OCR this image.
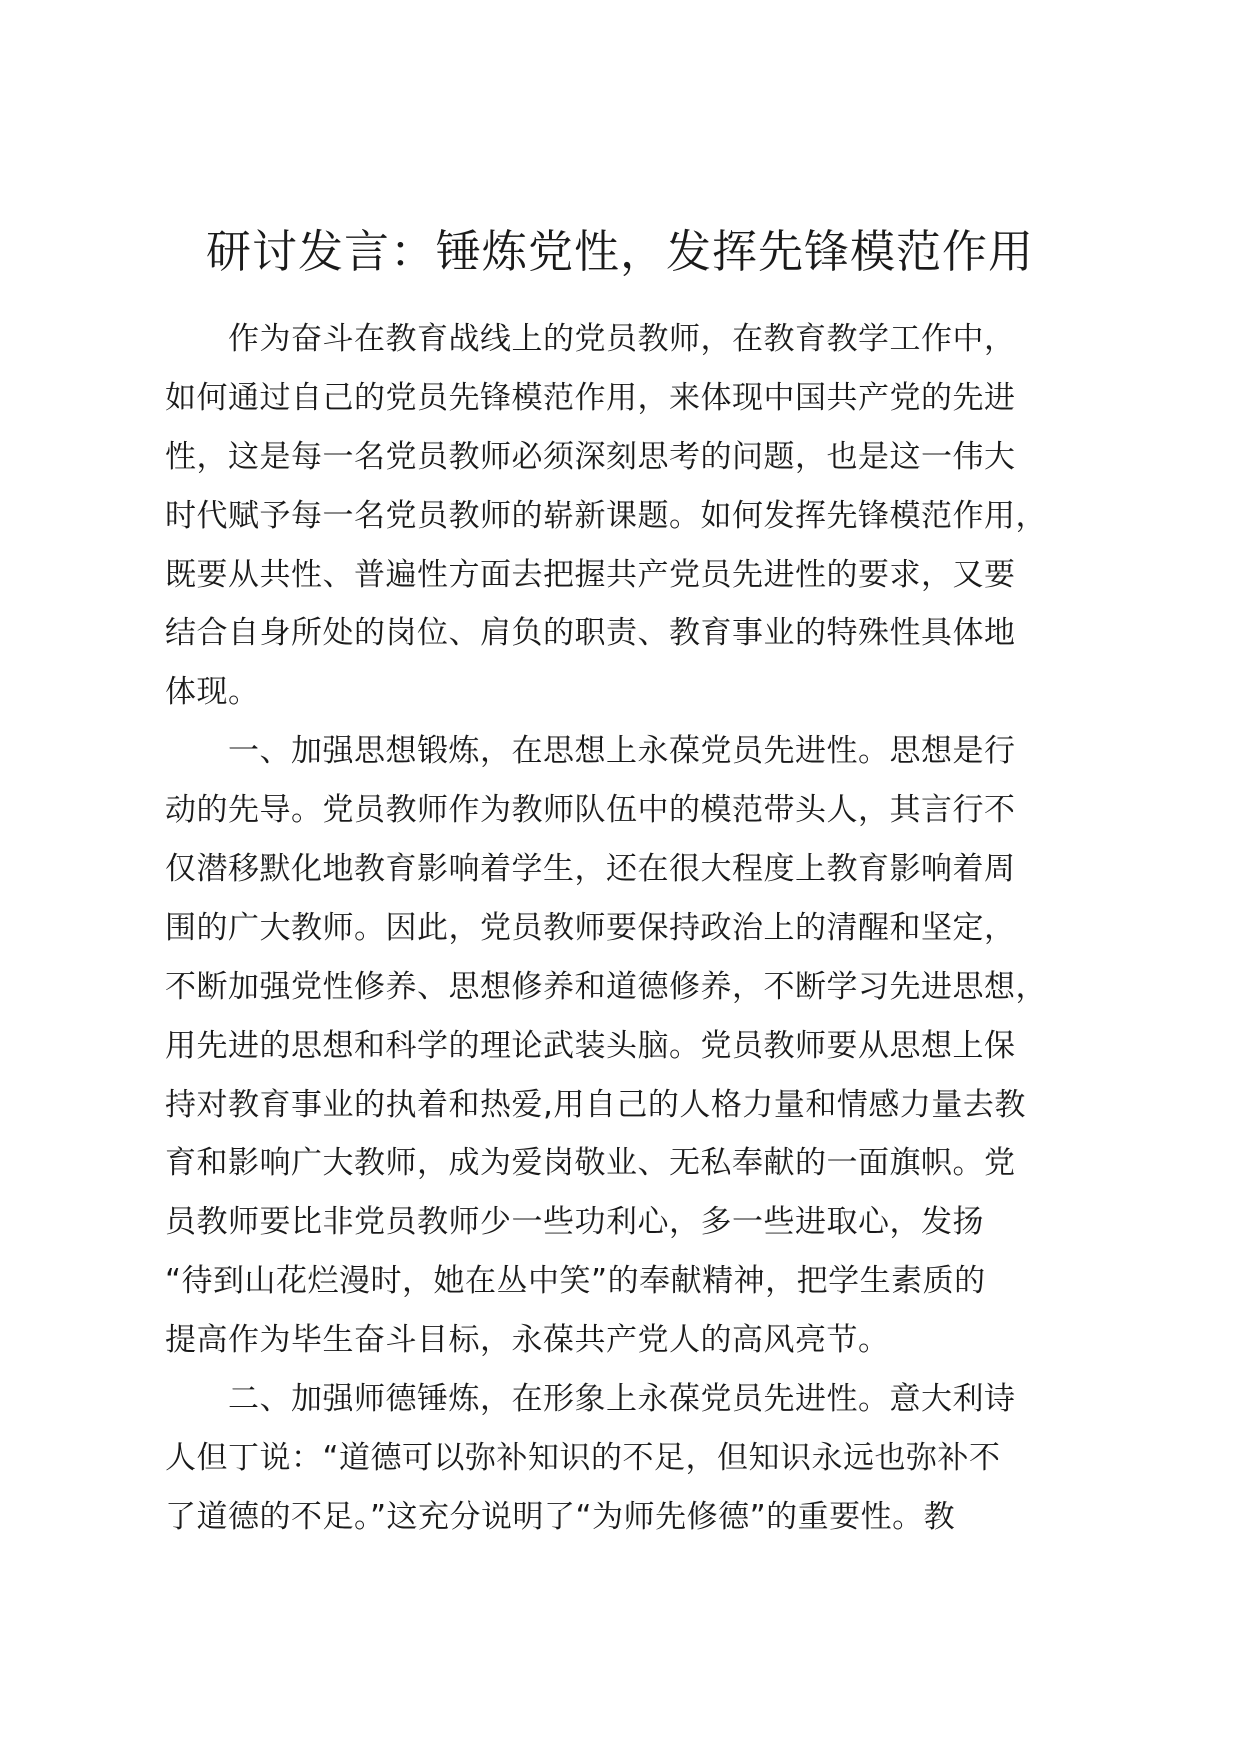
研讨发言：锤炼党性，发挥先锋模范作用
　　作为奋斗在教育战线上的党员教师，在教育教学工作中，
如何通过自己的党员先锋模范作用，来体现中国共产党的先进
性，这是每一名党员教师必须深刻思考的问题，也是这一伟大
时代赋予每一名党员教师的崭新课题。如何发挥先锋模范作用，
既要从共性、普遍性方面去把握共产党员先进性的要求，又要
结合自身所处的岗位、肩负的职责、教育事业的特殊性具体地
体现。
　　一、加强思想锻炼，在思想上永葆党员先进性。思想是行
动的先导。党员教师作为教师队伍中的模范带头人，其言行不
仅潜移默化地教育影响着学生，还在很大程度上教育影响着周
围的广大教师。因此，党员教师要保持政治上的清醒和坚定，
不断加强党性修养、思想修养和道德修养，不断学习先进思想，
用先进的思想和科学的理论武装头脑。党员教师要从思想上保
持对教育事业的执着和热爱,用自己的人格力量和情感力量去教
育和影响广大教师，成为爱岗敬业、无私奉献的一面旗帜。党
员教师要比非党员教师少一些功利心，多一些进取心，发扬
“待到山花烂漫时，她在丛中笑”的奉献精神，把学生素质的
提高作为毕生奋斗目标，永葆共产党人的高风亮节。
　　二、加强师德锤炼，在形象上永葆党员先进性。意大利诗
人但丁说：“道德可以弥补知识的不足，但知识永远也弥补不
了道德的不足。”这充分说明了“为师先修德”的重要性。教
